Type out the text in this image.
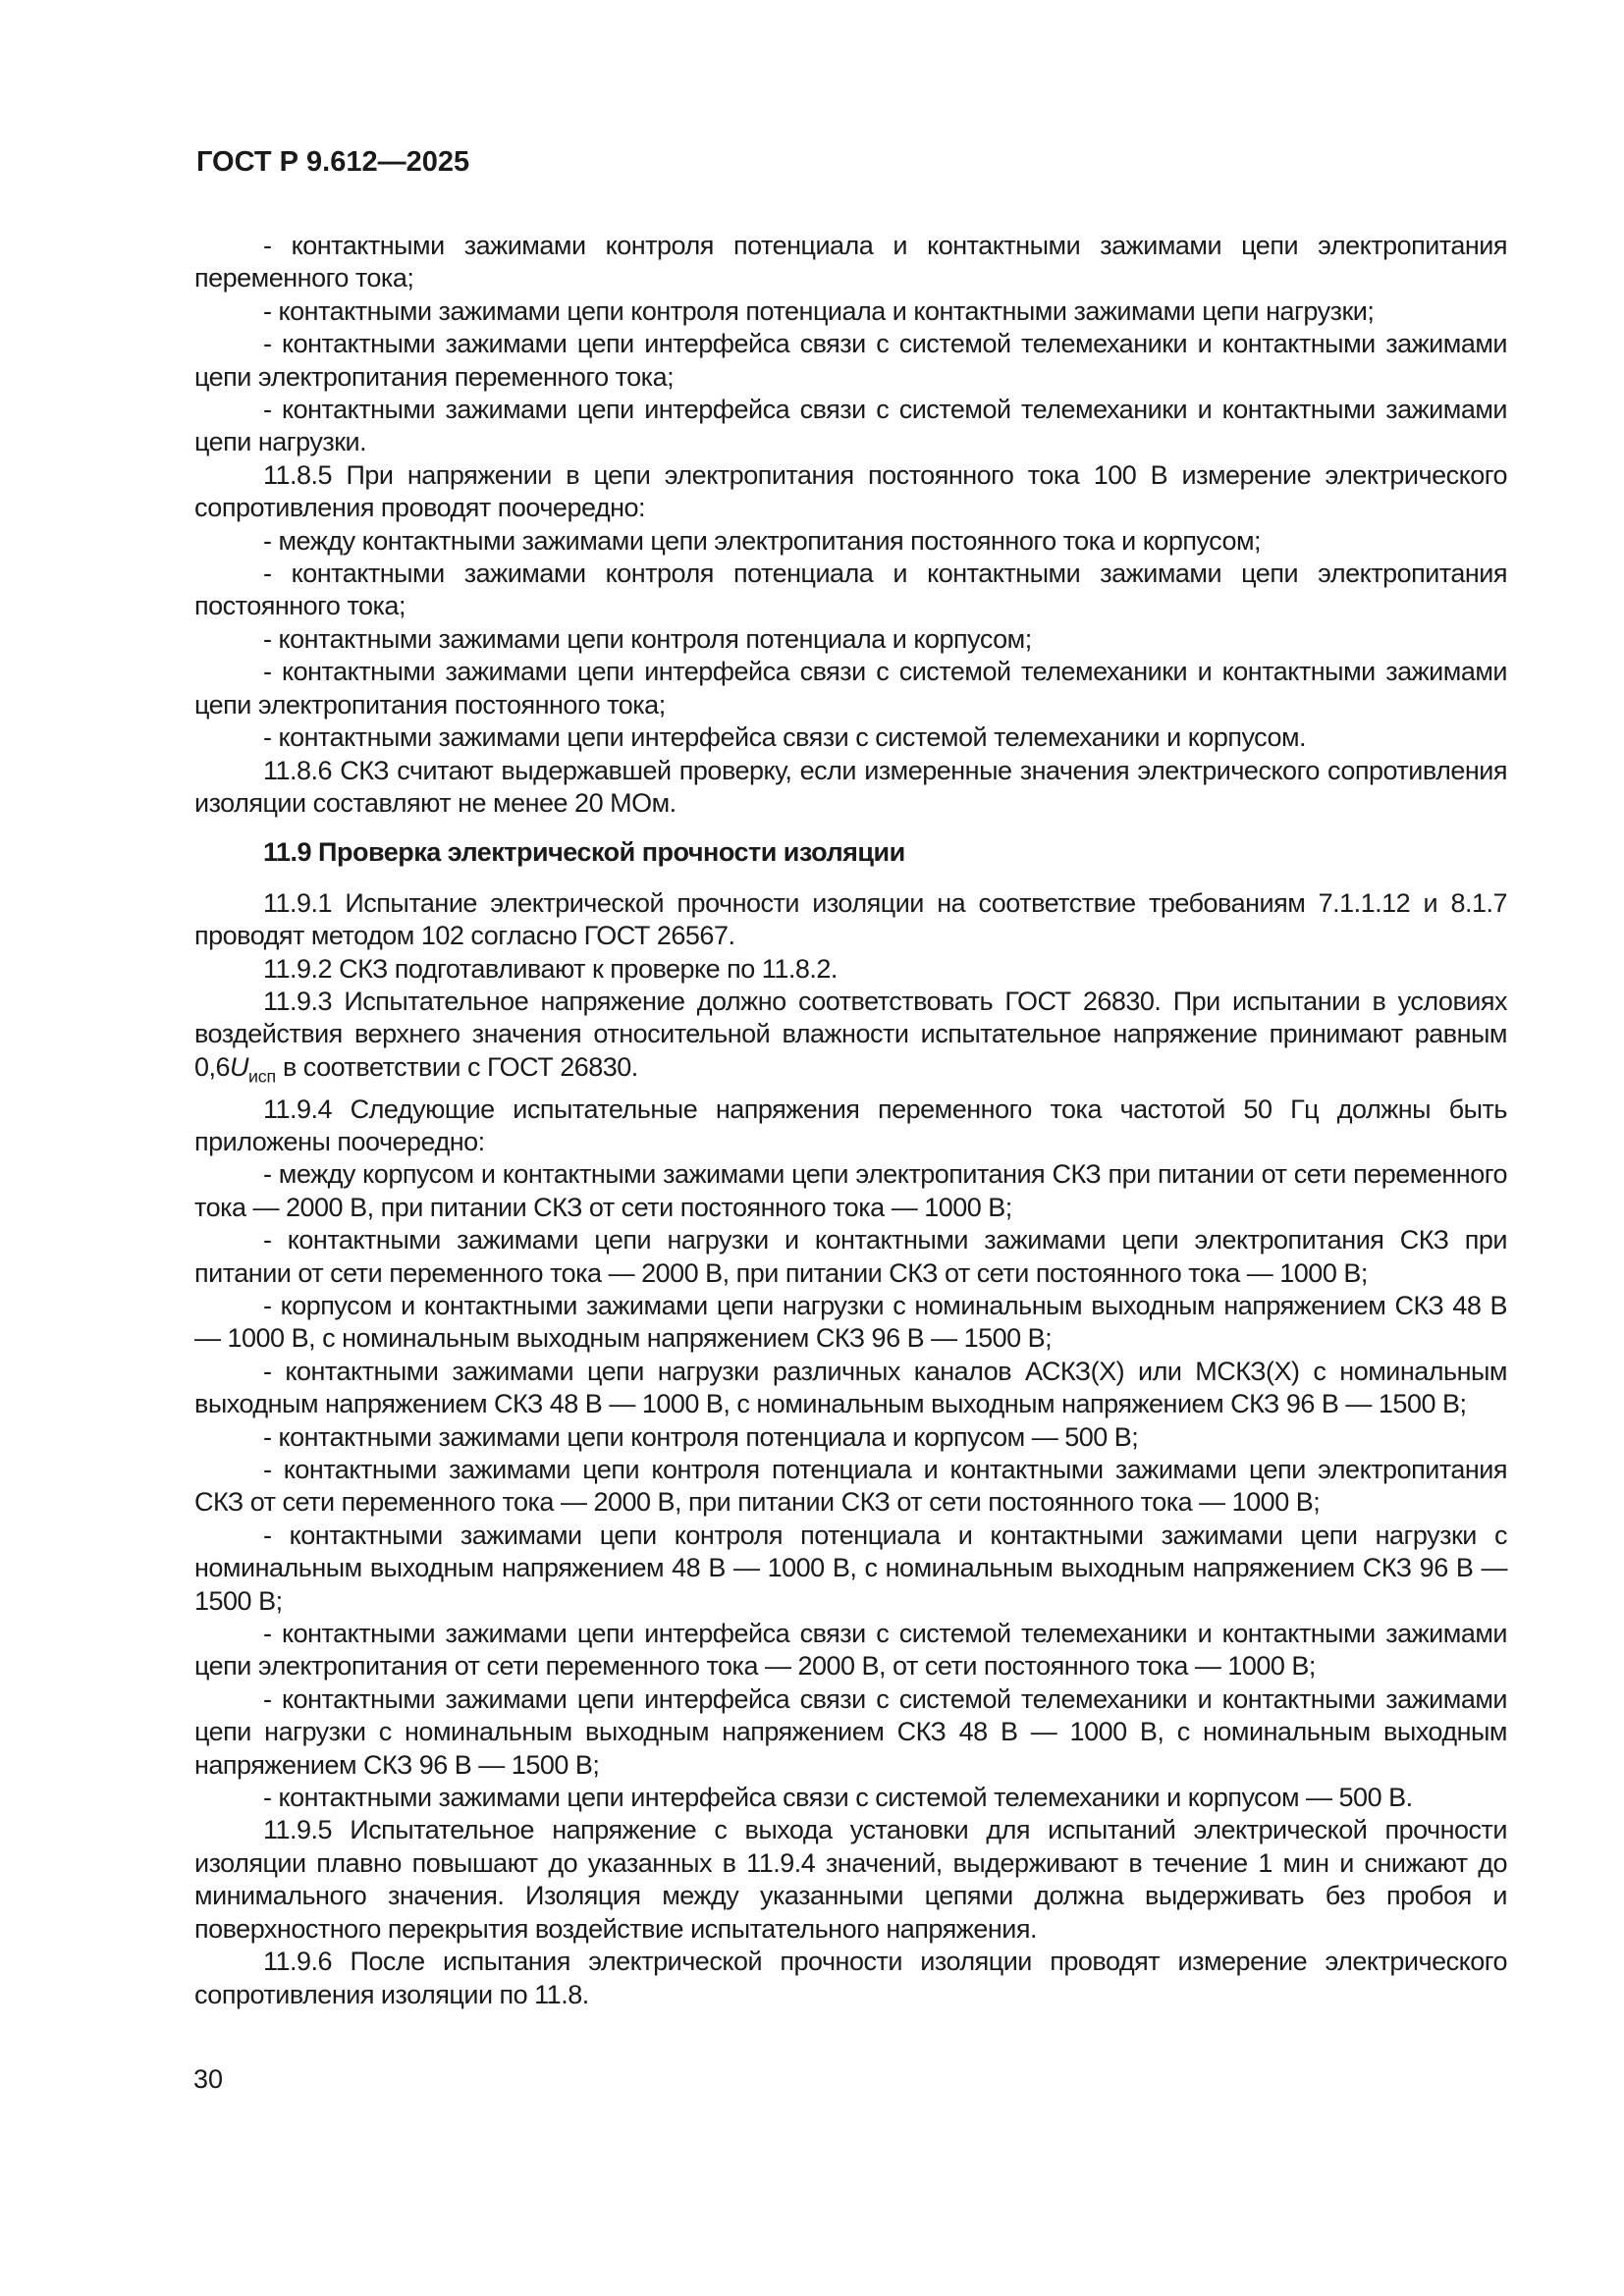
ГОСТ Р 9.612—2025

- контактными зажимами контроля потенциала и контактными зажимами цепи электропитания переменного тока;

- контактными зажимами цепи контроля потенциала и контактными зажимами цепи нагрузки;

- контактными зажимами цепи интерфейса связи с системой телемеханики и контактными зажимами цепи электропитания переменного тока;

- контактными зажимами цепи интерфейса связи с системой телемеханики и контактными зажимами цепи нагрузки.

11.8.5 При напряжении в цепи электропитания постоянного тока 100 В измерение электрического сопротивления проводят поочередно:

- между контактными зажимами цепи электропитания постоянного тока и корпусом;

- контактными зажимами контроля потенциала и контактными зажимами цепи электропитания постоянного тока;

- контактными зажимами цепи контроля потенциала и корпусом;

- контактными зажимами цепи интерфейса связи с системой телемеханики и контактными зажимами цепи электропитания постоянного тока;

- контактными зажимами цепи интерфейса связи с системой телемеханики и корпусом.

11.8.6 СКЗ считают выдержавшей проверку, если измеренные значения электрического сопротивления изоляции составляют не менее 20 МОм.

11.9 Проверка электрической прочности изоляции

11.9.1 Испытание электрической прочности изоляции на соответствие требованиям 7.1.1.12 и 8.1.7 проводят методом 102 согласно ГОСТ 26567.

11.9.2 СКЗ подготавливают к проверке по 11.8.2.

11.9.3 Испытательное напряжение должно соответствовать ГОСТ 26830. При испытании в условиях воздействия верхнего значения относительной влажности испытательное напряжение принимают равным $0,6U_{исп}$ в соответствии с ГОСТ 26830.

11.9.4 Следующие испытательные напряжения переменного тока частотой 50 Гц должны быть приложены поочередно:

- между корпусом и контактными зажимами цепи электропитания СКЗ при питании от сети переменного тока — 2000 В, при питании СКЗ от сети постоянного тока — 1000 В;

- контактными зажимами цепи нагрузки и контактными зажимами цепи электропитания СКЗ при питании от сети переменного тока — 2000 В, при питании СКЗ от сети постоянного тока — 1000 В;

- корпусом и контактными зажимами цепи нагрузки с номинальным выходным напряжением СКЗ 48 В — 1000 В, с номинальным выходным напряжением СКЗ 96 В — 1500 В;

- контактными зажимами цепи нагрузки различных каналов АСКЗ(Х) или МСКЗ(Х) с номинальным выходным напряжением СКЗ 48 В — 1000 В, с номинальным выходным напряжением СКЗ 96 В — 1500 В;

- контактными зажимами цепи контроля потенциала и корпусом — 500 В;

- контактными зажимами цепи контроля потенциала и контактными зажимами цепи электропитания СКЗ от сети переменного тока — 2000 В, при питании СКЗ от сети постоянного тока — 1000 В;

- контактными зажимами цепи контроля потенциала и контактными зажимами цепи нагрузки с номинальным выходным напряжением 48 В — 1000 В, с номинальным выходным напряжением СКЗ 96 В — 1500 В;

- контактными зажимами цепи интерфейса связи с системой телемеханики и контактными зажимами цепи электропитания от сети переменного тока — 2000 В, от сети постоянного тока — 1000 В;

- контактными зажимами цепи интерфейса связи с системой телемеханики и контактными зажимами цепи нагрузки с номинальным выходным напряжением СКЗ 48 В — 1000 В, с номинальным выходным напряжением СКЗ 96 В — 1500 В;

- контактными зажимами цепи интерфейса связи с системой телемеханики и корпусом — 500 В.

11.9.5 Испытательное напряжение с выхода установки для испытаний электрической прочности изоляции плавно повышают до указанных в 11.9.4 значений, выдерживают в течение 1 мин и снижают до минимального значения. Изоляция между указанными цепями должна выдерживать без пробоя и поверхностного перекрытия воздействие испытательного напряжения.

11.9.6 После испытания электрической прочности изоляции проводят измерение электрического сопротивления изоляции по 11.8.

30
